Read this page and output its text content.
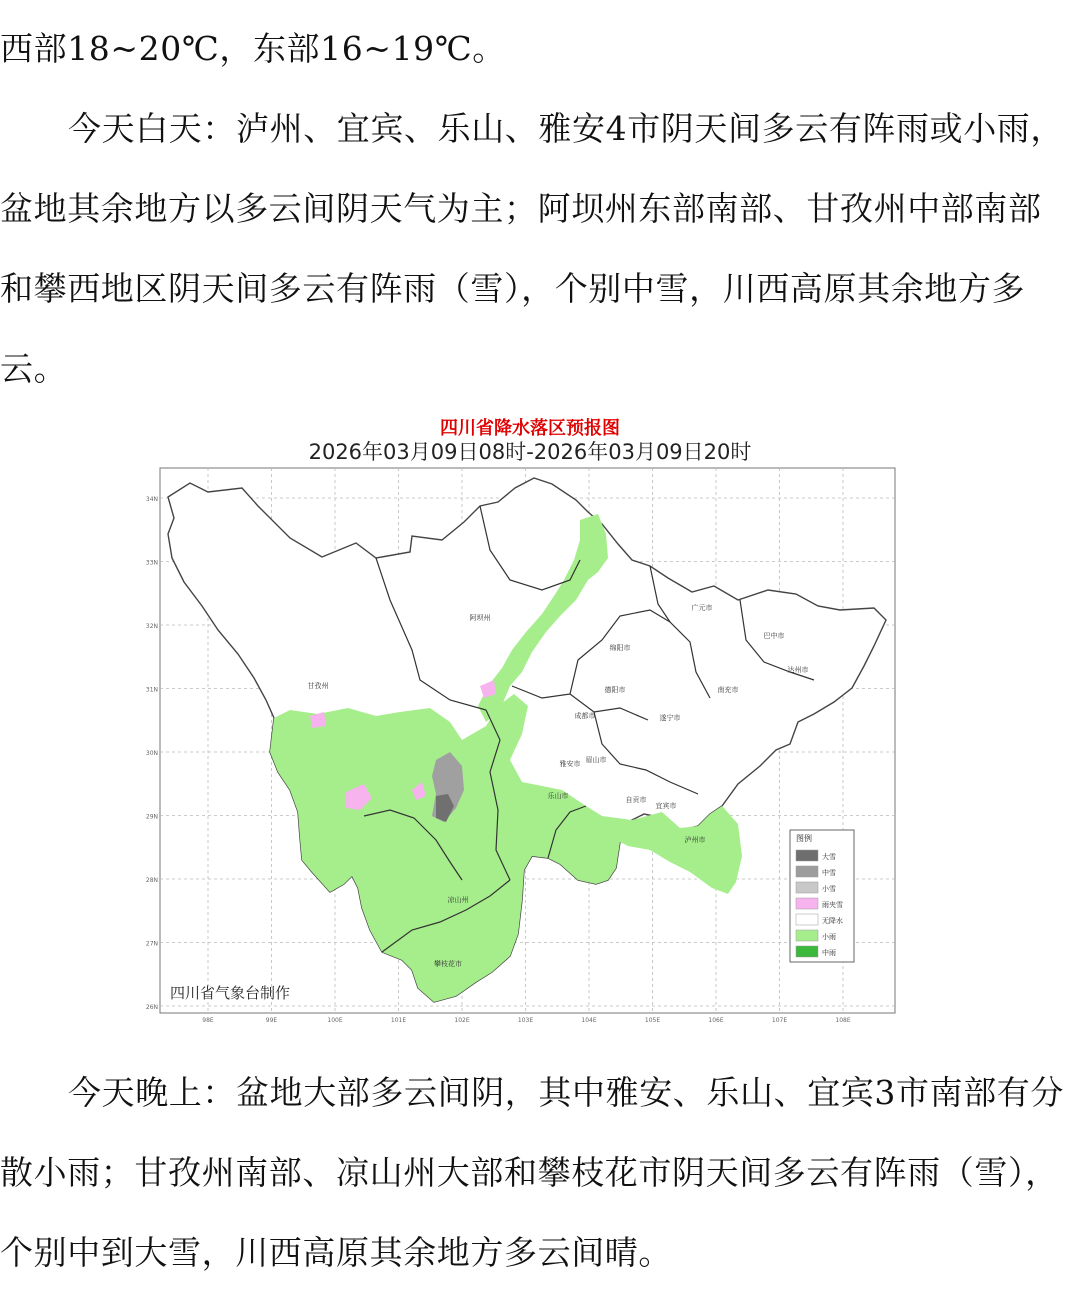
西部18~20℃，东部16~19℃。

今天白天：泸州、宜宾、乐山、雅安4市阴天间多云有阵雨或小雨，盆地其余地方以多云间阴天气为主；阿坝州东部南部、甘孜州中部南部和攀西地区阴天间多云有阵雨（雪），个别中雪，川西高原其余地方多云。

四川省降水落区预报图
2026年03月09日08时-2026年03月09日20时
阿坝州
甘孜州
绵阳市
广元市
巴中市
达州市
德阳市
成都市
南充市
遂宁市
眉山市
雅安市
乐山市	自贡市
宜宾市
泸州市
凉山州
攀枝花市
34N
33N
32N
31N
30N
29N
28N
27N
26N
98E	99E	100E	101E	102E	103E	104E	105E	106E	107E	108E
四川省气象台制作
图例
大雪
中雪
小雪
雨夹雪
无降水
小雨
中雨

今天晚上：盆地大部多云间阴，其中雅安、乐山、宜宾3市南部有分散小雨；甘孜州南部、凉山州大部和攀枝花市阴天间多云有阵雨（雪），个别中到大雪，川西高原其余地方多云间晴。
